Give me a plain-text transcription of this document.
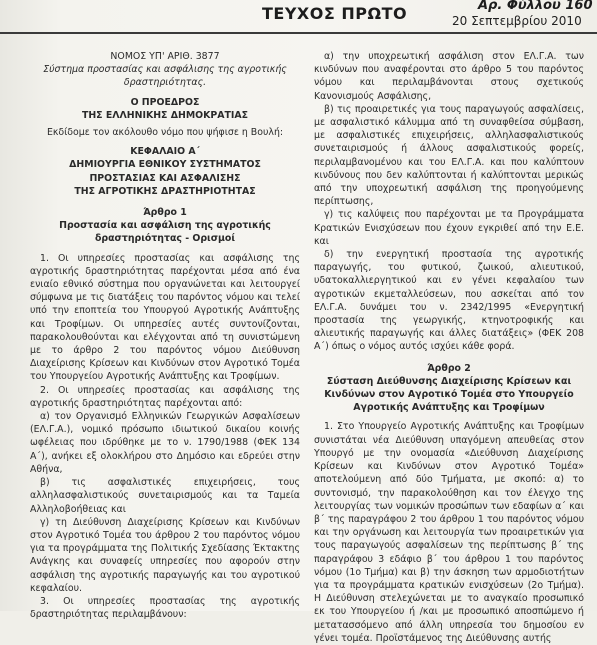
ΤΕΥΧΟΣ ΠΡΩΤΟ	Αρ. Φύλλου 160
20 Σεπτεμβρίου 2010
ΝΟΜΟΣ ΥΠ' ΑΡΙΘ. 3877
Σύστημα προστασίας και ασφάλισης της αγροτικής δραστηριότητας.
Ο ΠΡΟΕΔΡΟΣ
ΤΗΣ ΕΛΛΗΝΙΚΗΣ ΔΗΜΟΚΡΑΤΙΑΣ
Εκδίδομε τον ακόλουθο νόμο που ψήφισε η Βουλή:
ΚΕΦΑΛΑΙΟ Α΄
ΔΗΜΙΟΥΡΓΙΑ ΕΘΝΙΚΟΥ ΣΥΣΤΗΜΑΤΟΣ
ΠΡΟΣΤΑΣΙΑΣ ΚΑΙ ΑΣΦΑΛΙΣΗΣ
ΤΗΣ ΑΓΡΟΤΙΚΗΣ ΔΡΑΣΤΗΡΙΟΤΗΤΑΣ
Άρθρο 1
Προστασία και ασφάλιση της αγροτικής δραστηριότητας - Ορισμοί

1. Οι υπηρεσίες προστασίας και ασφάλισης της αγροτικής δραστηριότητας παρέχονται μέσα από ένα ενιαίο εθνικό σύστημα που οργανώνεται και λειτουργεί σύμφωνα με τις διατάξεις του παρόντος νόμου και τελεί υπό την εποπτεία του Υπουργού Αγροτικής Ανάπτυξης και Τροφίμων. Οι υπηρεσίες αυτές συντονίζονται, παρακολουθούνται και ελέγχονται από τη συνιστώμενη με το άρθρο 2 του παρόντος νόμου Διεύθυνση Διαχείρισης Κρίσεων και Κινδύνων στον Αγροτικό Τομέα του Υπουργείου Αγροτικής Ανάπτυξης και Τροφίμων.

2. Οι υπηρεσίες προστασίας και ασφάλισης της αγροτικής δραστηριότητας παρέχονται από:

α) τον Οργανισμό Ελληνικών Γεωργικών Ασφαλίσεων (ΕΛ.Γ.Α.), νομικό πρόσωπο ιδιωτικού δικαίου κοινής ωφέλειας που ιδρύθηκε με το ν. 1790/1988 (ΦΕΚ 134 Α΄), ανήκει εξ ολοκλήρου στο Δημόσιο και εδρεύει στην Αθήνα,

β) τις ασφαλιστικές επιχειρήσεις, τους αλληλασφαλιστικούς συνεταιρισμούς και τα Ταμεία Αλληλοβοήθειας και

γ) τη Διεύθυνση Διαχείρισης Κρίσεων και Κινδύνων στον Αγροτικό Τομέα του άρθρου 2 του παρόντος νόμου για τα προγράμματα της Πολιτικής Σχεδίασης Έκτακτης Ανάγκης και συναφείς υπηρεσίες που αφορούν στην ασφάλιση της αγροτικής παραγωγής και του αγροτικού κεφαλαίου.

3. Οι υπηρεσίες προστασίας της αγροτικής δραστηριότητας περιλαμβάνουν:

α) την υποχρεωτική ασφάλιση στον ΕΛ.Γ.Α. των κινδύνων που αναφέρονται στο άρθρο 5 του παρόντος νόμου και περιλαμβάνονται στους σχετικούς Κανονισμούς Ασφάλισης,

β) τις προαιρετικές για τους παραγωγούς ασφαλίσεις, με ασφαλιστικό κάλυμμα από τη συναφθείσα σύμβαση, με ασφαλιστικές επιχειρήσεις, αλληλασφαλιστικούς συνεταιρισμούς ή άλλους ασφαλιστικούς φορείς, περιλαμβανομένου και του ΕΛ.Γ.Α. και που καλύπτουν κινδύνους που δεν καλύπτονται ή καλύπτονται μερικώς από την υποχρεωτική ασφάλιση της προηγούμενης περίπτωσης,

γ) τις καλύψεις που παρέχονται με τα Προγράμματα Κρατικών Ενισχύσεων που έχουν εγκριθεί από την Ε.Ε. και

δ) την ενεργητική προστασία της αγροτικής παραγωγής, του φυτικού, ζωικού, αλιευτικού, υδατοκαλλιεργητικού και εν γένει κεφαλαίου των αγροτικών εκμεταλλεύσεων, που ασκείται από τον ΕΛ.Γ.Α. δυνάμει του ν. 2342/1995 «Ενεργητική προστασία της γεωργικής, κτηνοτροφικής και αλιευτικής παραγωγής και άλλες διατάξεις» (ΦΕΚ 208 Α΄) όπως ο νόμος αυτός ισχύει κάθε φορά.

Άρθρο 2
Σύσταση Διεύθυνσης Διαχείρισης Κρίσεων και Κινδύνων στον Αγροτικό Τομέα στο Υπουργείο Αγροτικής Ανάπτυξης και Τροφίμων

1. Στο Υπουργείο Αγροτικής Ανάπτυξης και Τροφίμων συνιστάται νέα Διεύθυνση υπαγόμενη απευθείας στον Υπουργό με την ονομασία «Διεύθυνση Διαχείρισης Κρίσεων και Κινδύνων στον Αγροτικό Τομέα» αποτελούμενη από δύο Τμήματα, με σκοπό: α) το συντονισμό, την παρακολούθηση και τον έλεγχο της λειτουργίας των νομικών προσώπων των εδαφίων α΄ και β΄ της παραγράφου 2 του άρθρου 1 του παρόντος νόμου και την οργάνωση και λειτουργία των προαιρετικών για τους παραγωγούς ασφαλίσεων της περίπτωσης β΄ της παραγράφου 3 εδάφιο β΄ του άρθρου 1 του παρόντος νόμου (1ο Τμήμα) και β) την άσκηση των αρμοδιοτήτων για τα προγράμματα κρατικών ενισχύσεων (2ο Τμήμα). Η Διεύθυνση στελεχώνεται με το αναγκαίο προσωπικό εκ του Υπουργείου ή /και με προσωπικό αποσπώμενο ή μετατασσόμενο από άλλη υπηρεσία του δημοσίου εν γένει τομέα. Προϊστάμενος της Διεύθυνσης αυτής
